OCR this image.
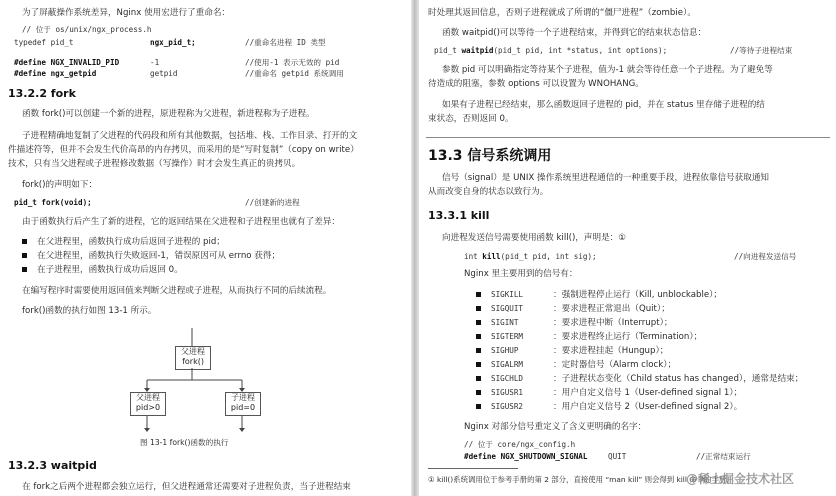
为了屏蔽操作系统差异，Nginx 使用宏进行了重命名：
// 位于 os/unix/ngx_process.h
typedef pid_t	ngx_pid_t;	//重命名进程 ID 类型
#define NGX_INVALID_PID	-1	//使用-1 表示无效的 pid
#define ngx_getpid	getpid	//重命名 getpid 系统调用
13.2.2 fork
函数 fork()可以创建一个新的进程，原进程称为父进程，新进程称为子进程。
子进程精确地复制了父进程的代码段和所有其他数据，包括堆、栈、工作目录、打开的文
件描述符等，但并不会发生代价高昂的内存拷贝，而采用的是“写时复制”（copy on write）
技术，只有当父进程或子进程修改数据（写操作）时才会发生真正的贵拷贝。
fork()的声明如下：
pid_t fork(void);	//创建新的进程
由于函数执行后产生了新的进程，它的返回结果在父进程和子进程里也就有了差异：
在父进程里，函数执行成功后返回子进程的 pid；
在父进程里，函数执行失败返回-1，错误原因可从 errno 获得；
在子进程里，函数执行成功后返回 0。
在编写程序时需要使用返回值来判断父进程或子进程，从而执行不同的后续流程。
fork()函数的执行如图 13-1 所示。
父进程
fork()
父进程
pid>0
子进程
pid=0
图 13-1 fork()函数的执行
13.2.3 waitpid
在 fork之后两个进程都会独立运行，但父进程通常还需要对子进程负责，当子进程结束
时处理其返回信息，否则子进程就成了所谓的“僵尸进程”（zombie）。
函数 waitpid()可以等待一个子进程结束，并得到它的结束状态信息：
pid_t waitpid(pid_t pid, int *status, int options);	//等待子进程结束
参数 pid 可以明确指定等待某个子进程，值为-1 就会等待任意一个子进程。为了避免等
待造成的阻塞，参数 options 可以设置为 WNOHANG。
如果有子进程已经结束，那么函数返回子进程的 pid，并在 status 里存储子进程的结
束状态，否则返回 0。
13.3 信号系统调用
信号（signal）是 UNIX 操作系统里进程通信的一种重要手段，进程依靠信号获取通知
从而改变自身的状态以致行为。
13.3.1 kill
向进程发送信号需要使用函数 kill()，声明是：①
int kill(pid_t pid, int sig);	//向进程发送信号
Nginx 里主要用到的信号有：
SIGKILL	：强制进程停止运行（Kill, unblockable）；
SIGQUIT	：要求进程正常退出（Quit）；
SIGINT	：要求进程中断（Interrupt）；
SIGTERM	：要求进程终止运行（Termination）；
SIGHUP	：要求进程挂起（Hungup）；
SIGALRM	：定时器信号（Alarm clock）；
SIGCHLD	：子进程状态变化（Child status has changed），通常是结束；
SIGUSR1	：用户自定义信号 1（User-defined signal 1）；
SIGUSR2	：用户自定义信号 2（User-defined signal 2）。
Nginx 对部分信号重定义了含义更明确的名字：
// 位于 core/ngx_config.h
#define NGX_SHUTDOWN_SIGNAL	QUIT	//正常结束运行
① kill()系统调用位于参考手册的第 2 部分，直接使用 “man kill” 则会得到 kill 命令的手册，
@稀土掘金技术社区
